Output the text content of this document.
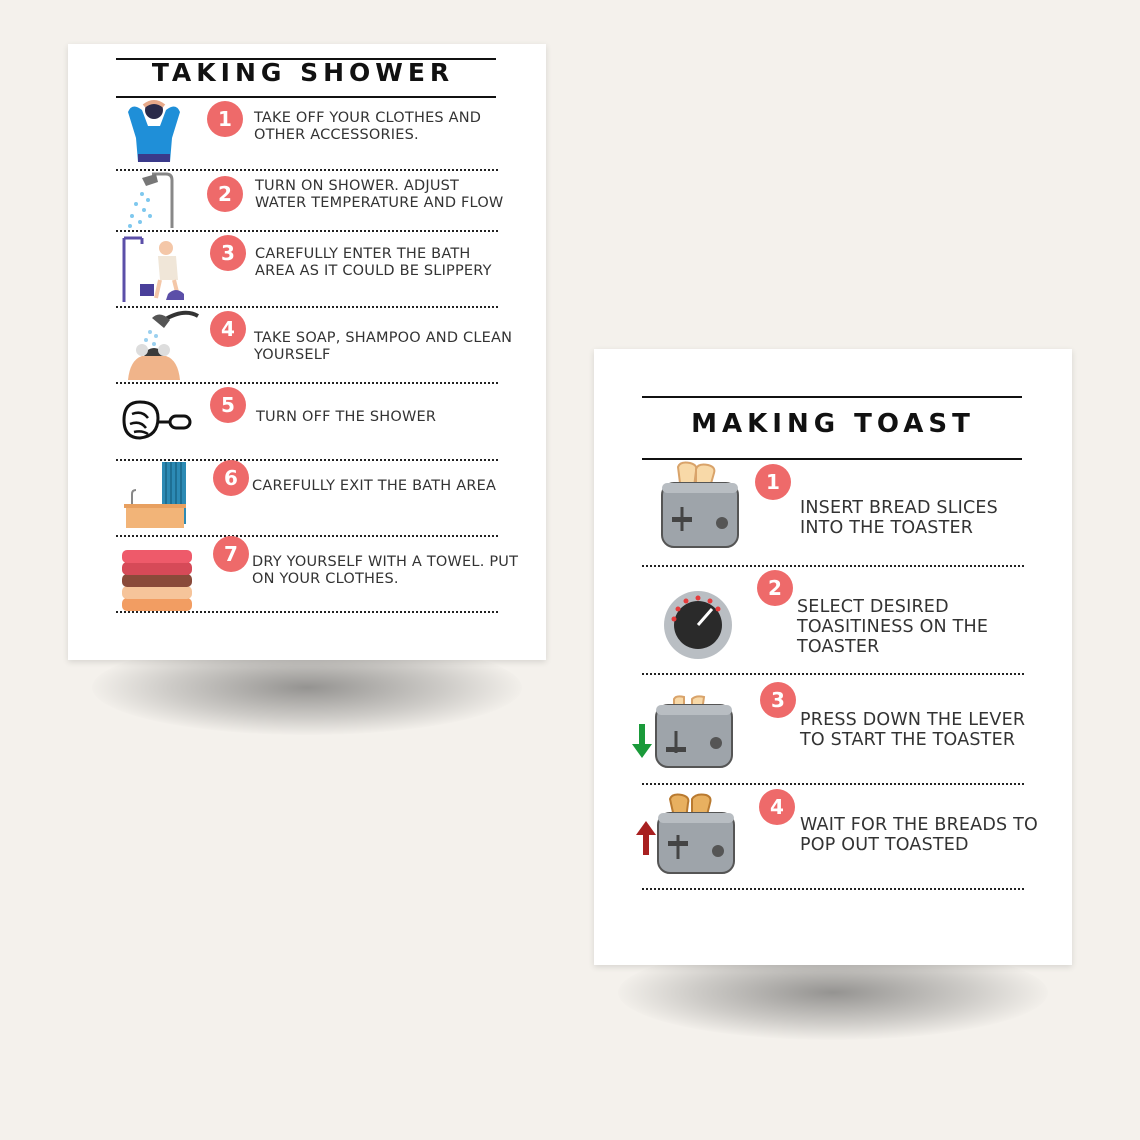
TAKING SHOWER
1	TAKE OFF YOUR CLOTHES AND OTHER ACCESSORIES.
2	TURN ON SHOWER. ADJUST WATER TEMPERATURE AND FLOW
3	CAREFULLY ENTER THE BATH AREA AS IT COULD BE SLIPPERY
4	TAKE SOAP, SHAMPOO AND CLEAN YOURSELF
5	TURN OFF THE SHOWER
6 CAREFULLY EXIT THE BATH AREA
7 DRY YOURSELF WITH A TOWEL. PUT ON YOUR CLOTHES.
MAKING TOAST
1
INSERT BREAD SLICES INTO THE TOASTER
2
SELECT DESIRED TOASITINESS ON THE TOASTER
3
PRESS DOWN THE LEVER TO START THE TOASTER
4
WAIT FOR THE BREADS TO POP OUT TOASTED
